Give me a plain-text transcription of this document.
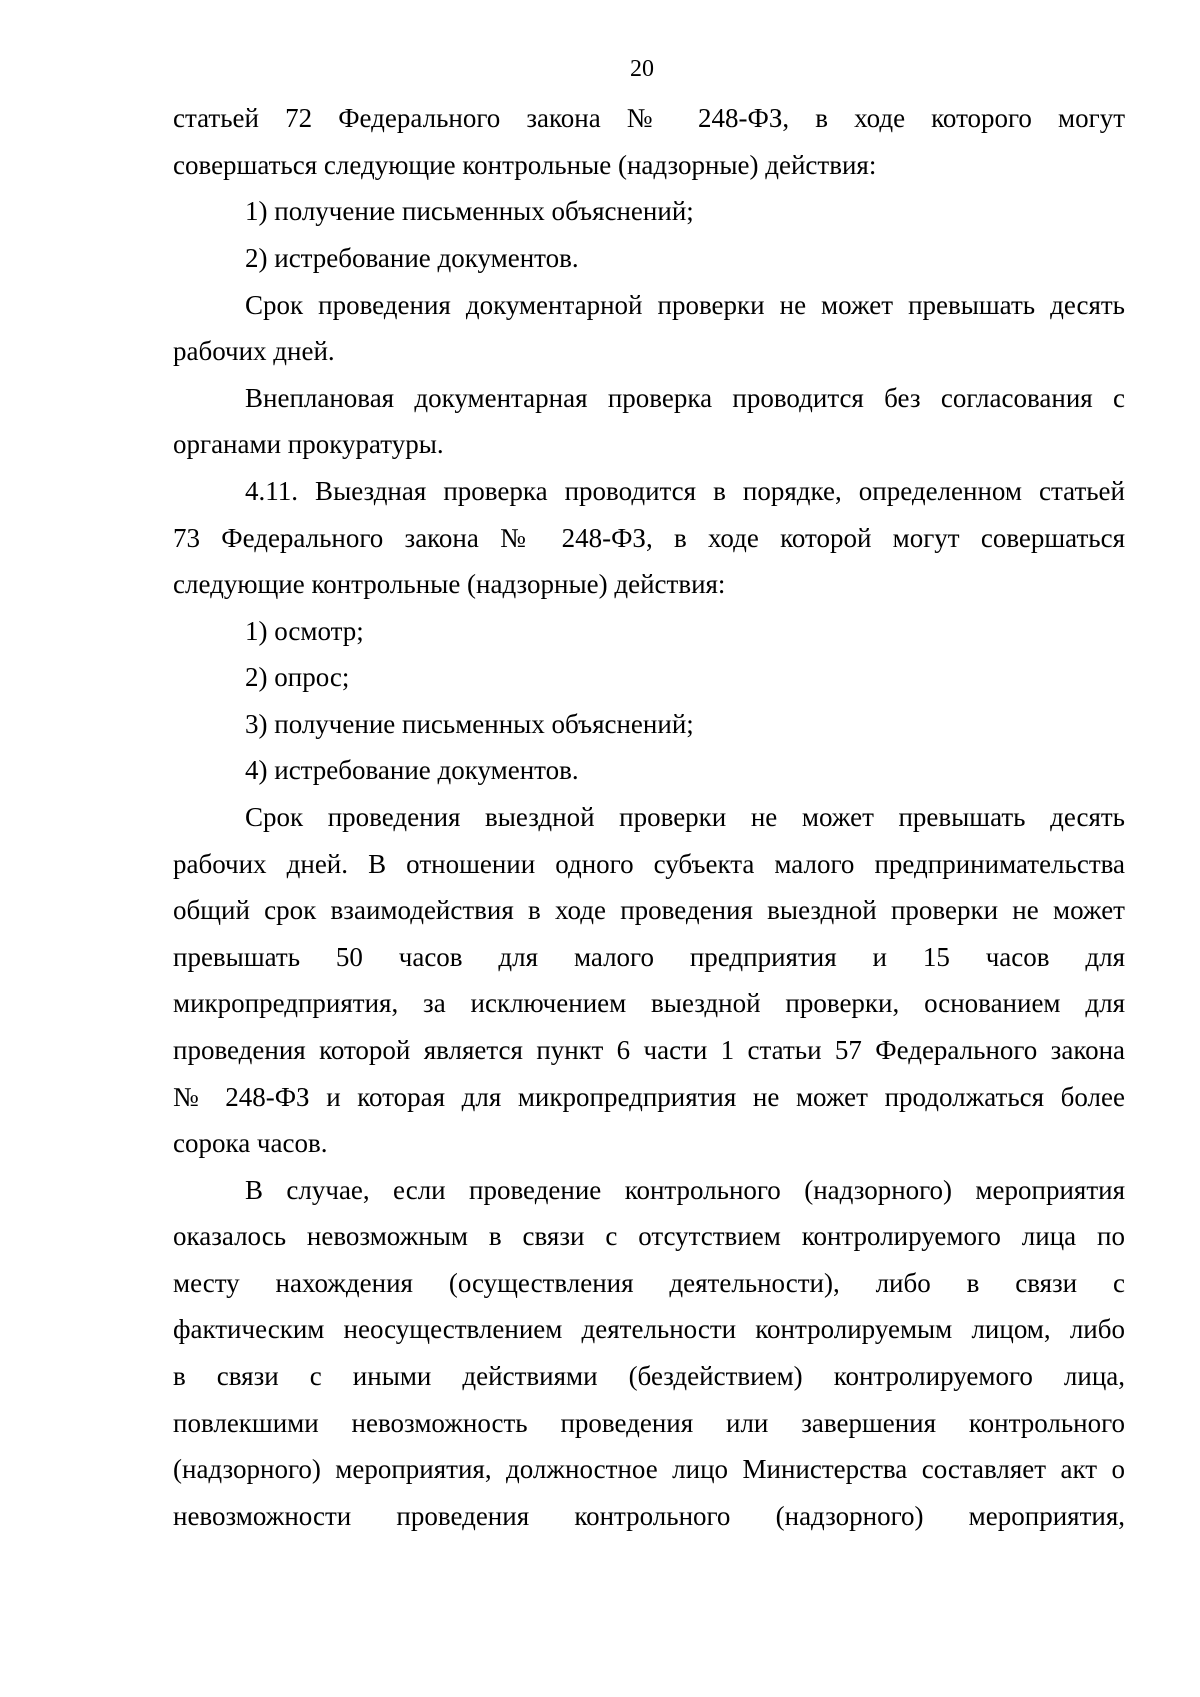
20
статьей 72 Федерального закона № 248-ФЗ, в ходе которого могут
совершаться следующие контрольные (надзорные) действия:
1) получение письменных объяснений;
2) истребование документов.
Срок проведения документарной проверки не может превышать десять
рабочих дней.
Внеплановая документарная проверка проводится без согласования с
органами прокуратуры.
4.11. Выездная проверка проводится в порядке, определенном статьей
73 Федерального закона № 248-ФЗ, в ходе которой могут совершаться
следующие контрольные (надзорные) действия:
1) осмотр;
2) опрос;
3) получение письменных объяснений;
4) истребование документов.
Срок проведения выездной проверки не может превышать десять
рабочих дней. В отношении одного субъекта малого предпринимательства
общий срок взаимодействия в ходе проведения выездной проверки не может
превышать 50 часов для малого предприятия и 15 часов для
микропредприятия, за исключением выездной проверки, основанием для
проведения которой является пункт 6 части 1 статьи 57 Федерального закона
№ 248-ФЗ и которая для микропредприятия не может продолжаться более
сорока часов.
В случае, если проведение контрольного (надзорного) мероприятия
оказалось невозможным в связи с отсутствием контролируемого лица по
месту нахождения (осуществления деятельности), либо в связи с
фактическим неосуществлением деятельности контролируемым лицом, либо
в связи с иными действиями (бездействием) контролируемого лица,
повлекшими невозможность проведения или завершения контрольного
(надзорного) мероприятия, должностное лицо Министерства составляет акт о
невозможности проведения контрольного (надзорного) мероприятия,
